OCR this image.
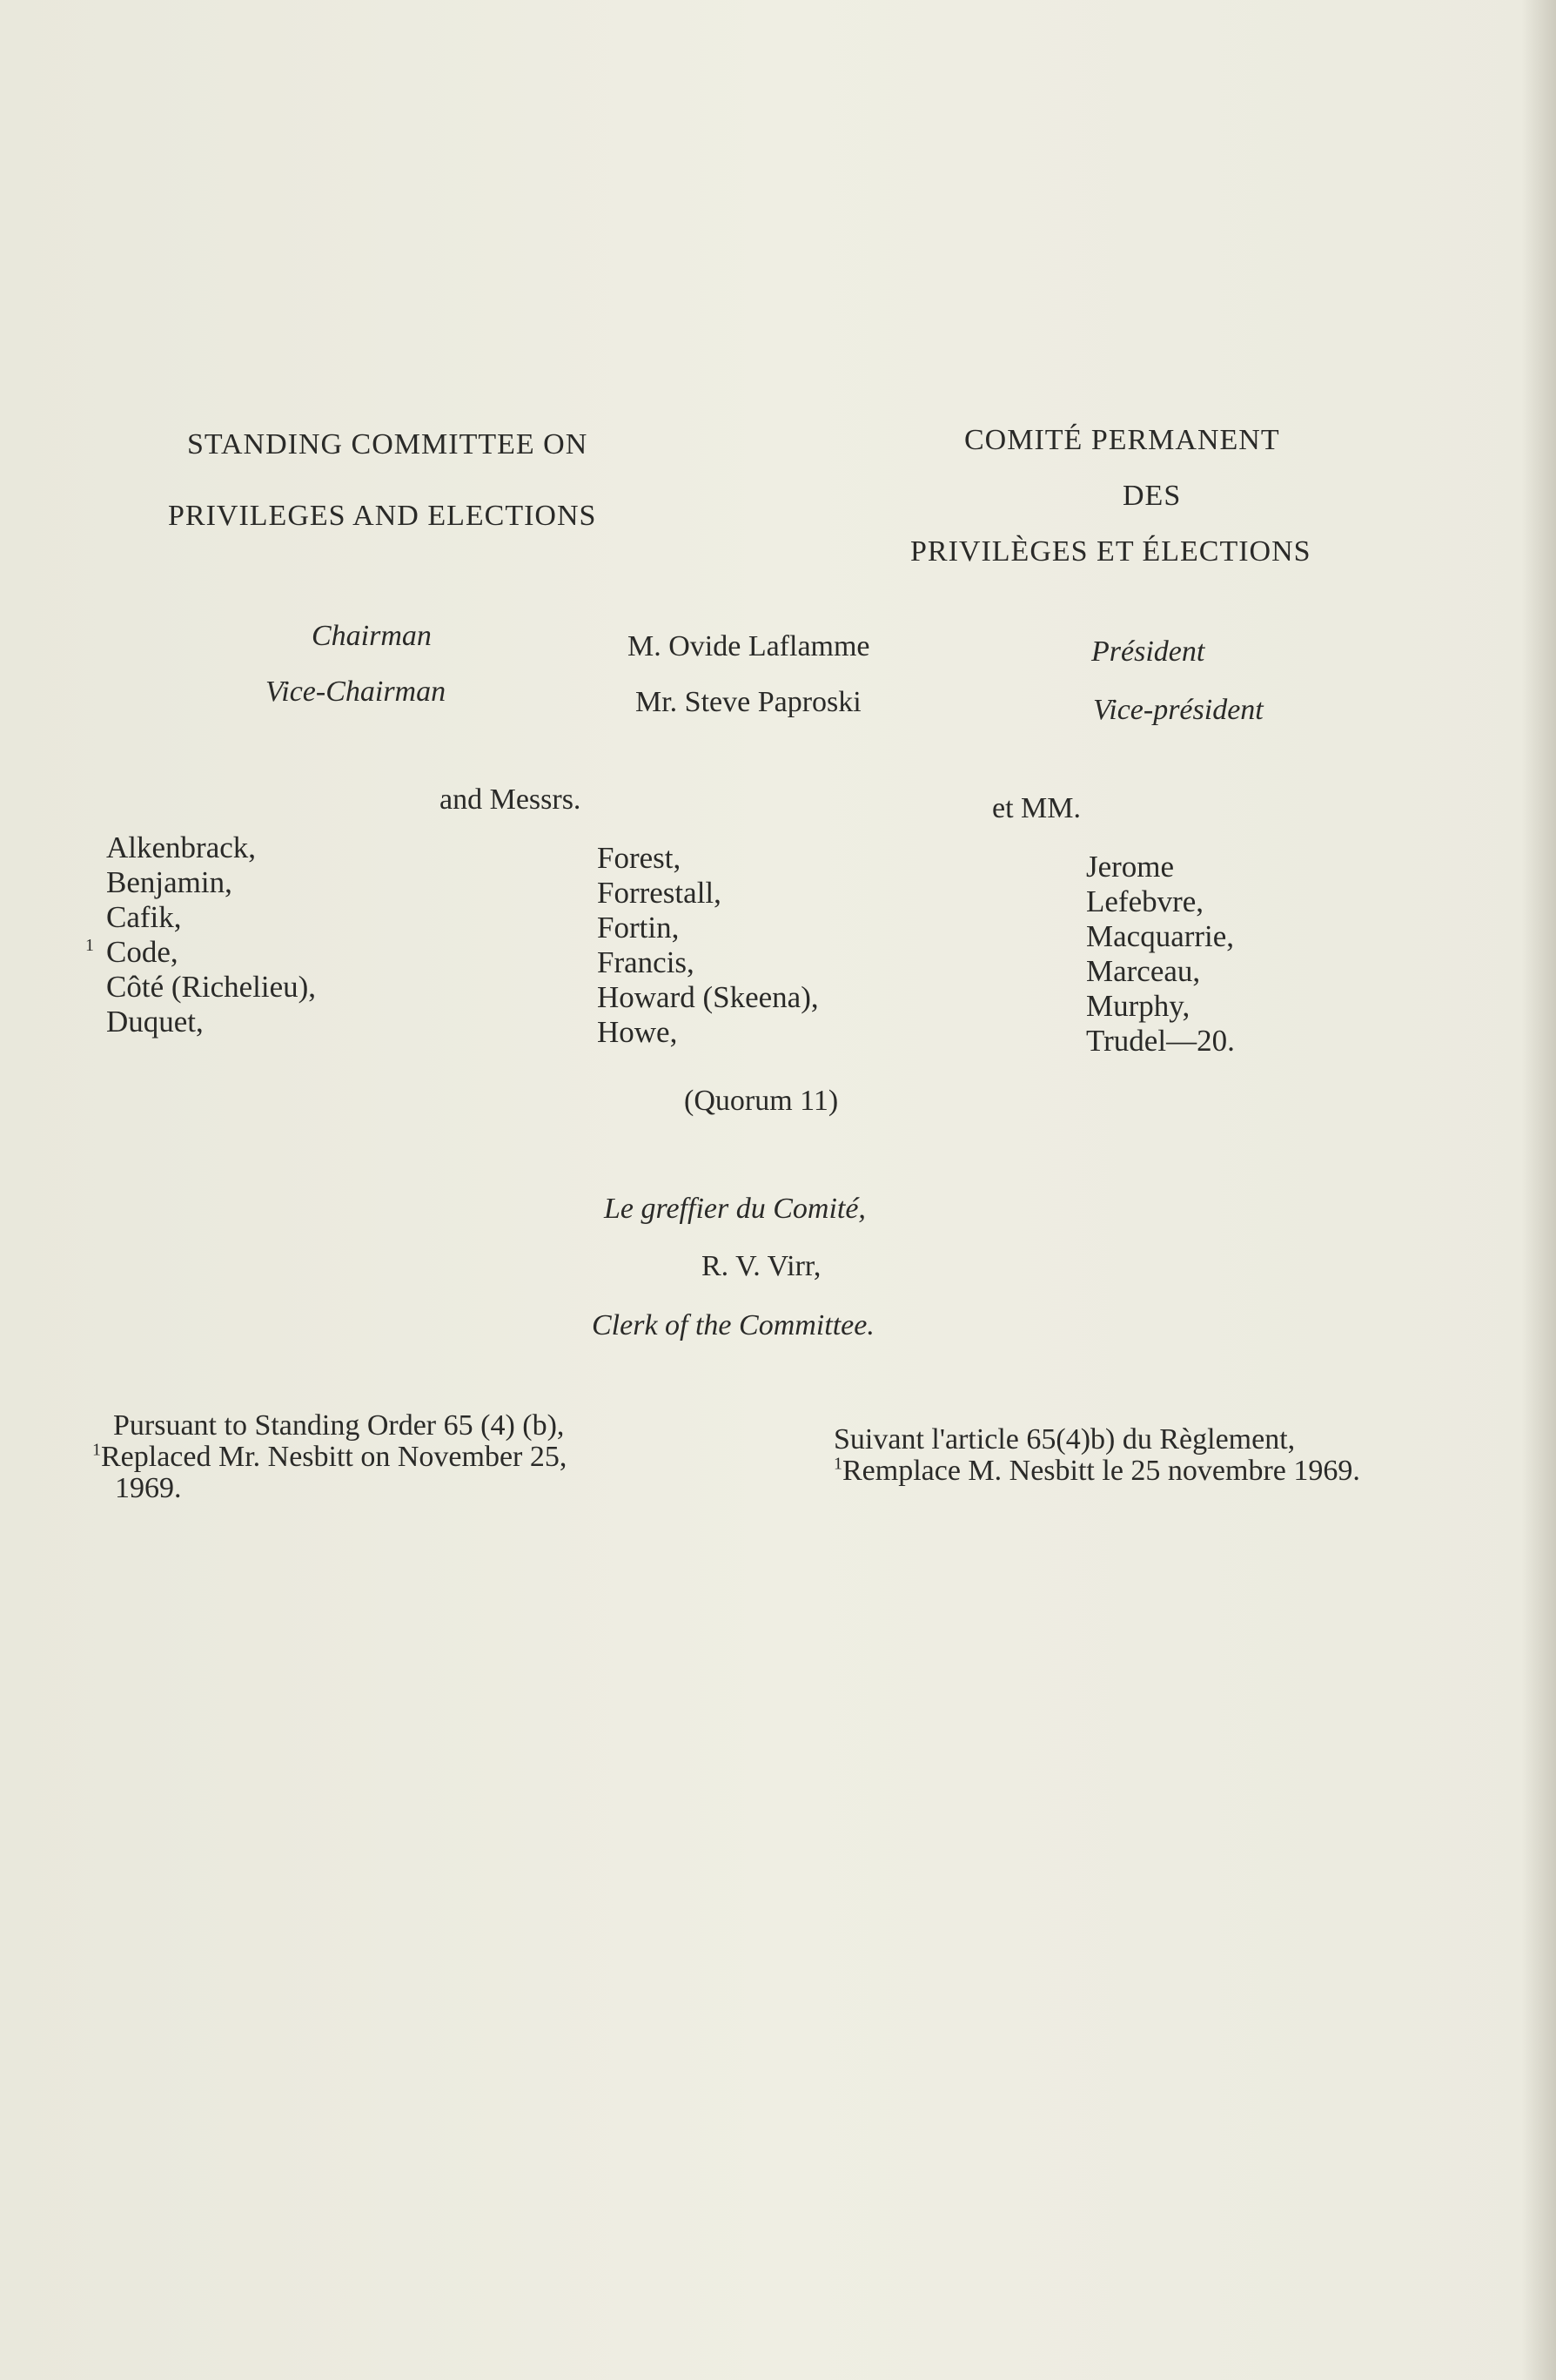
STANDING COMMITTEE ON
PRIVILEGES AND ELECTIONS
COMITÉ PERMANENT
DES
PRIVILÈGES ET ÉLECTIONS
Chairman	M. Ovide Laflamme	Président
Vice-Chairman	Mr. Steve Paproski	Vice-président
and Messrs.	et MM.
Alkenbrack,
Benjamin,
Cafik,
1 Code,
Côté (Richelieu),
Duquet,
Forest,
Forrestall,
Fortin,
Francis,
Howard (Skeena),
Howe,
Jerome
Lefebvre,
Macquarrie,
Marceau,
Murphy,
Trudel—20.
(Quorum 11)
Le greffier du Comité,
R. V. Virr,
Clerk of the Committee.
Pursuant to Standing Order 65 (4) (b),
$^1$Replaced Mr. Nesbitt on November 25,
1969.
Suivant l'article 65(4)b) du Règlement,
$^1$Remplace M. Nesbitt le 25 novembre 1969.
